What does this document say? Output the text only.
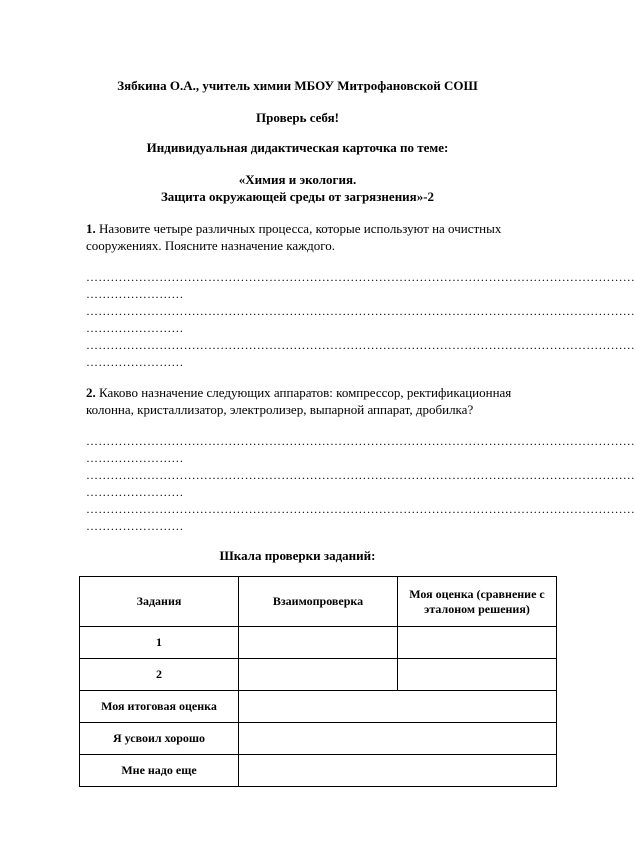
Зябкина О.А., учитель химии МБОУ Митрофановской СОШ
Проверь себя!
Индивидуальная дидактическая карточка по теме:
«Химия и экология.
Защита окружающей среды от загрязнения»-2
1. Назовите четыре различных процесса, которые используют на очистных сооружениях. Поясните назначение каждого.
………………………………………………………………………………………………………………………
……………………
………………………………………………………………………………………………………………………
……………………
………………………………………………………………………………………………………………………
……………………
2. Каково назначение следующих аппаратов: компрессор, ректификационная колонна, кристаллизатор, электролизер, выпарной аппарат, дробилка?
………………………………………………………………………………………………………………………
……………………
………………………………………………………………………………………………………………………
……………………
………………………………………………………………………………………………………………………
……………………
Шкала проверки заданий:
Задания	Взаимопроверка	Моя оценка (сравнение с эталоном решения)
1		
2		
Моя итоговая оценка		
Я усвоил хорошо		
Мне надо еще		
